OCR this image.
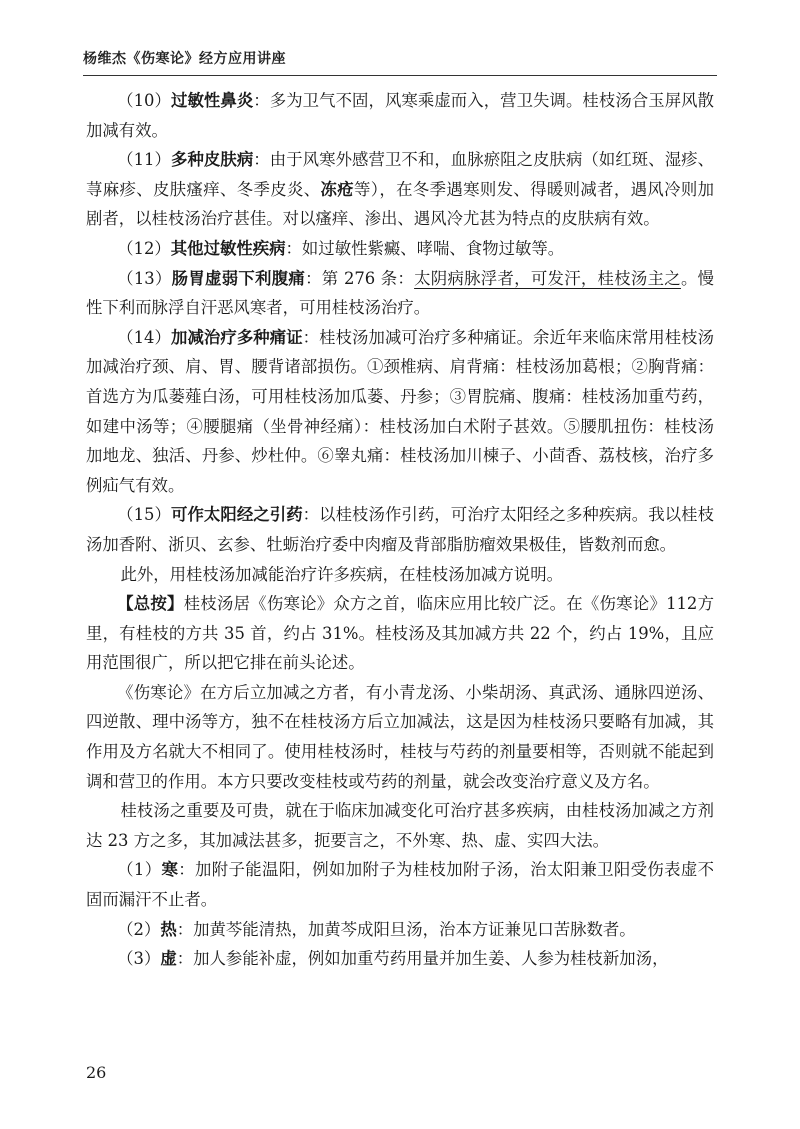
杨维杰《伤寒论》经方应用讲座

（10）过敏性鼻炎：多为卫气不固，风寒乘虚而入，营卫失调。桂枝汤合玉屏风散加减有效。

（11）多种皮肤病：由于风寒外感营卫不和，血脉瘀阻之皮肤病（如红斑、湿疹、荨麻疹、皮肤瘙痒、冬季皮炎、冻疮等），在冬季遇寒则发、得暖则减者，遇风冷则加剧者，以桂枝汤治疗甚佳。对以瘙痒、渗出、遇风冷尤甚为特点的皮肤病有效。

（12）其他过敏性疾病：如过敏性紫癜、哮喘、食物过敏等。

（13）肠胃虚弱下利腹痛：第 276 条：太阴病脉浮者，可发汗，桂枝汤主之。慢性下利而脉浮自汗恶风寒者，可用桂枝汤治疗。

（14）加减治疗多种痛证：桂枝汤加减可治疗多种痛证。余近年来临床常用桂枝汤加减治疗颈、肩、胃、腰背诸部损伤。①颈椎病、肩背痛：桂枝汤加葛根；②胸背痛：首选方为瓜蒌薤白汤，可用桂枝汤加瓜蒌、丹参；③胃脘痛、腹痛：桂枝汤加重芍药，如建中汤等；④腰腿痛（坐骨神经痛）：桂枝汤加白术附子甚效。⑤腰肌扭伤：桂枝汤加地龙、独活、丹参、炒杜仲。⑥睾丸痛：桂枝汤加川楝子、小茴香、荔枝核，治疗多例疝气有效。

（15）可作太阳经之引药：以桂枝汤作引药，可治疗太阳经之多种疾病。我以桂枝汤加香附、浙贝、玄参、牡蛎治疗委中肉瘤及背部脂肪瘤效果极佳，皆数剂而愈。

此外，用桂枝汤加减能治疗许多疾病，在桂枝汤加减方说明。

【总按】桂枝汤居《伤寒论》众方之首，临床应用比较广泛。在《伤寒论》112方里，有桂枝的方共 35 首，约占 31%。桂枝汤及其加减方共 22 个，约占 19%，且应用范围很广，所以把它排在前头论述。

《伤寒论》在方后立加减之方者，有小青龙汤、小柴胡汤、真武汤、通脉四逆汤、四逆散、理中汤等方，独不在桂枝汤方后立加减法，这是因为桂枝汤只要略有加减，其作用及方名就大不相同了。使用桂枝汤时，桂枝与芍药的剂量要相等，否则就不能起到调和营卫的作用。本方只要改变桂枝或芍药的剂量，就会改变治疗意义及方名。

桂枝汤之重要及可贵，就在于临床加减变化可治疗甚多疾病，由桂枝汤加减之方剂达 23 方之多，其加减法甚多，扼要言之，不外寒、热、虚、实四大法。

（1）寒：加附子能温阳，例如加附子为桂枝加附子汤，治太阳兼卫阳受伤表虚不固而漏汗不止者。

（2）热：加黄芩能清热，加黄芩成阳旦汤，治本方证兼见口苦脉数者。

（3）虚：加人参能补虚，例如加重芍药用量并加生姜、人参为桂枝新加汤，

26
